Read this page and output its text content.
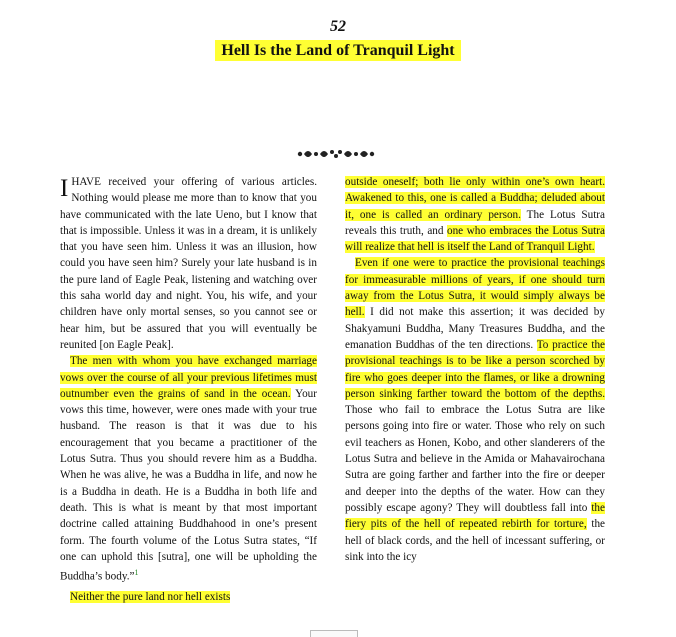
52
Hell Is the Land of Tranquil Light

IHAVE received your offering of various articles. Nothing would please me more than to know that you have communicated with the late Ueno, but I know that that is impossible. Unless it was in a dream, it is unlikely that you have seen him. Unless it was an illusion, how could you have seen him? Surely your late husband is in the pure land of Eagle Peak, listening and watching over this saha world day and night. You, his wife, and your children have only mortal senses, so you cannot see or hear him, but be assured that you will eventually be reunited [on Eagle Peak].

The men with whom you have exchanged marriage vows over the course of all your previous lifetimes must outnumber even the grains of sand in the ocean. Your vows this time, however, were ones made with your true husband. The reason is that it was due to his encouragement that you became a practitioner of the Lotus Sutra. Thus you should revere him as a Buddha. When he was alive, he was a Buddha in life, and now he is a Buddha in death. He is a Buddha in both life and death. This is what is meant by that most important doctrine called attaining Buddhahood in one’s present form. The fourth volume of the Lotus Sutra states, “If one can uphold this [sutra], one will be upholding the Buddha’s body.”$^1$

Neither the pure land nor hell exists

outside oneself; both lie only within one’s own heart. Awakened to this, one is called a Buddha; deluded about it, one is called an ordinary person. The Lotus Sutra reveals this truth, and one who embraces the Lotus Sutra will realize that hell is itself the Land of Tranquil Light.

Even if one were to practice the provisional teachings for immeasurable millions of years, if one should turn away from the Lotus Sutra, it would simply always be hell. I did not make this assertion; it was decided by Shakyamuni Buddha, Many Treasures Buddha, and the emanation Buddhas of the ten directions. To practice the provisional teachings is to be like a person scorched by fire who goes deeper into the flames, or like a drowning person sinking farther toward the bottom of the depths. Those who fail to embrace the Lotus Sutra are like persons going into fire or water. Those who rely on such evil teachers as Honen, Kobo, and other slanderers of the Lotus Sutra and believe in the Amida or Mahavairochana Sutra are going farther and farther into the fire or deeper and deeper into the depths of the water. How can they possibly escape agony? They will doubtless fall into the fiery pits of the hell of repeated rebirth for torture, the hell of black cords, and the hell of incessant suffering, or sink into the icy
